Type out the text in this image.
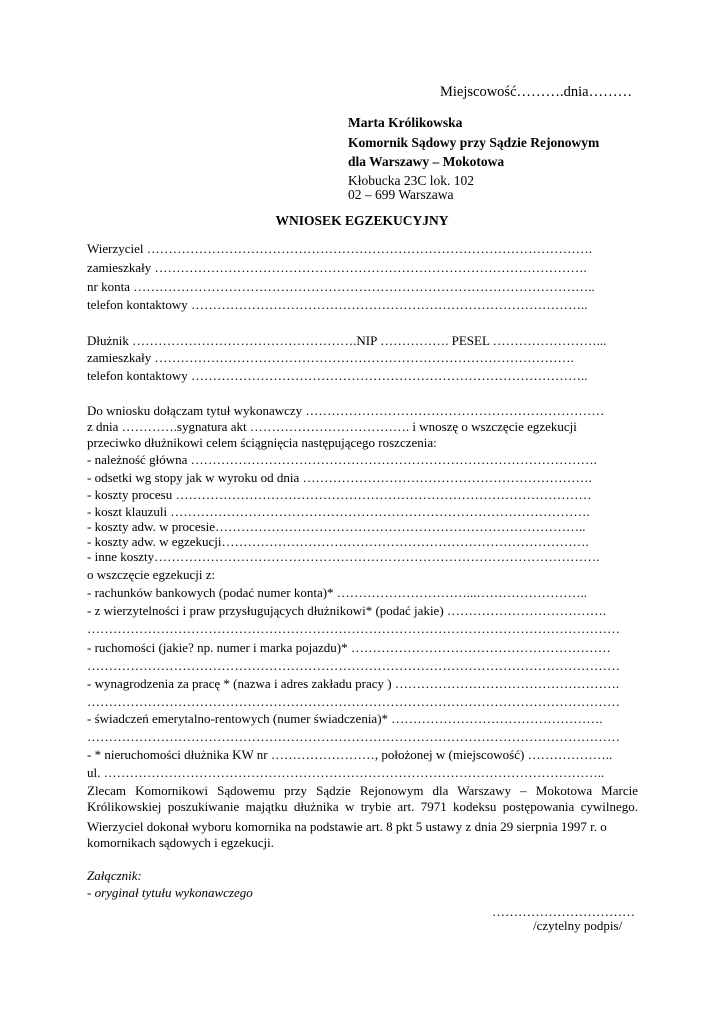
Miejscowość……….dnia………
Marta Królikowska
Komornik Sądowy przy Sądzie Rejonowym
dla Warszawy – Mokotowa
Kłobucka 23C lok. 102
02 – 699 Warszawa
WNIOSEK EGZEKUCYJNY
Wierzyciel ………………………………………………………………………………………….
zamieszkały ……………………………………………………………………………………….
nr konta ……………………………………………………………………………………………..
telefon kontaktowy ………………………………………………………………………………..
Dłużnik …………………………………………….NIP ……………. PESEL ……………………...
zamieszkały …………………………………………………………………………………….
telefon kontaktowy ………………………………………………………………………………..
Do wniosku dołączam tytuł wykonawczy ……………………………………………………………
z dnia ………….sygnatura akt ………………………………. i wnoszę o wszczęcie egzekucji
przeciwko dłużnikowi celem ściągnięcia następującego roszczenia:
- należność główna ………………………………………………………………………………….
- odsetki wg stopy jak w wyroku od dnia ………………………………………………………….
- koszty procesu ……………………………………………………………………………………
- koszt klauzuli …………………………………………………………………………………….
- koszty adw. w procesie…………………………………………………………………………..
- koszty adw. w egzekucji………………………………………………………………………….
- inne koszty………………………………………………………………………………………….
o wszczęcie egzekucji z:
- rachunków bankowych (podać numer konta)* …………………………...……………………..
- z wierzytelności i praw przysługujących dłużnikowi* (podać jakie) ……………………………….
……………………………………………………………………………………………………………
- ruchomości (jakie? np. numer i marka pojazdu)* ……………………………………………………
……………………………………………………………………………………………………………
- wynagrodzenia za pracę * (nazwa i adres zakładu pracy ) …………………………………………….
……………………………………………………………………………………………………………
- świadczeń emerytalno-rentowych (numer świadczenia)* ………………………………………….
……………………………………………………………………………………………………………
- * nieruchomości dłużnika KW nr ……………………, położonej w (miejscowość) ………………..
ul. ……………………………………………………………………………………………………..
Zlecam Komornikowi Sądowemu przy Sądzie Rejonowym dla Warszawy – Mokotowa Marcie Królikowskiej poszukiwanie majątku dłużnika w trybie art. 7971 kodeksu postępowania cywilnego.
Wierzyciel dokonał wyboru komornika na podstawie art. 8 pkt 5 ustawy z dnia 29 sierpnia 1997 r. o komornikach sądowych i egzekucji.
Załącznik:
- oryginał tytułu wykonawczego
……………………………
/czytelny podpis/
